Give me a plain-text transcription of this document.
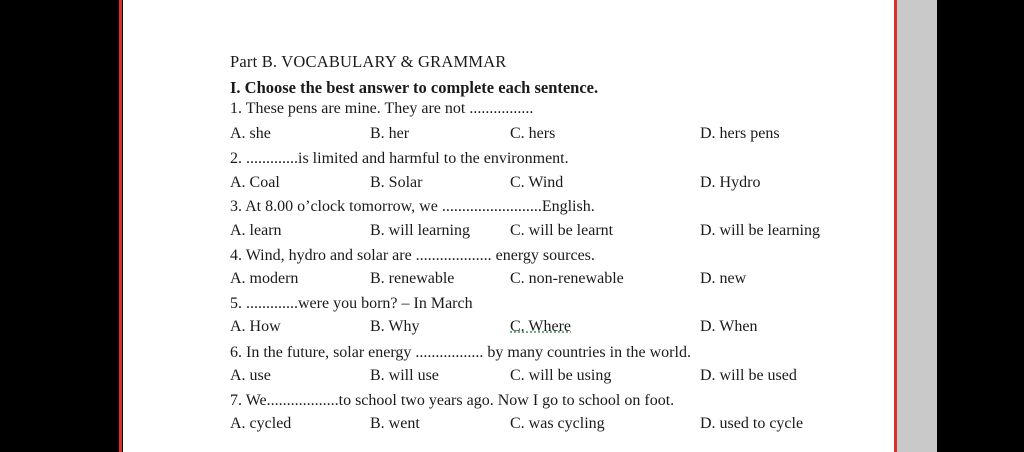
Part B. VOCABULARY & GRAMMAR
I. Choose the best answer to complete each sentence.
1. These pens are mine. They are not ................
A. she	B. her	C. hers	D. hers pens
2. .............is limited and harmful to the environment.
A. Coal	B. Solar	C. Wind	D. Hydro
3. At 8.00 o’clock tomorrow, we .........................English.
A. learn	B. will learning	C. will be learnt	D. will be learning
4. Wind, hydro and solar are ................... energy sources.
A. modern	B. renewable	C. non-renewable	D. new
5. .............were you born? – In March
A. How	B. Why	C. Where	D. When
6. In the future, solar energy ................. by many countries in the world.
A. use	B. will use	C. will be using	D. will be used
7. We..................to school two years ago. Now I go to school on foot.
A. cycled	B. went	C. was cycling	D. used to cycle
